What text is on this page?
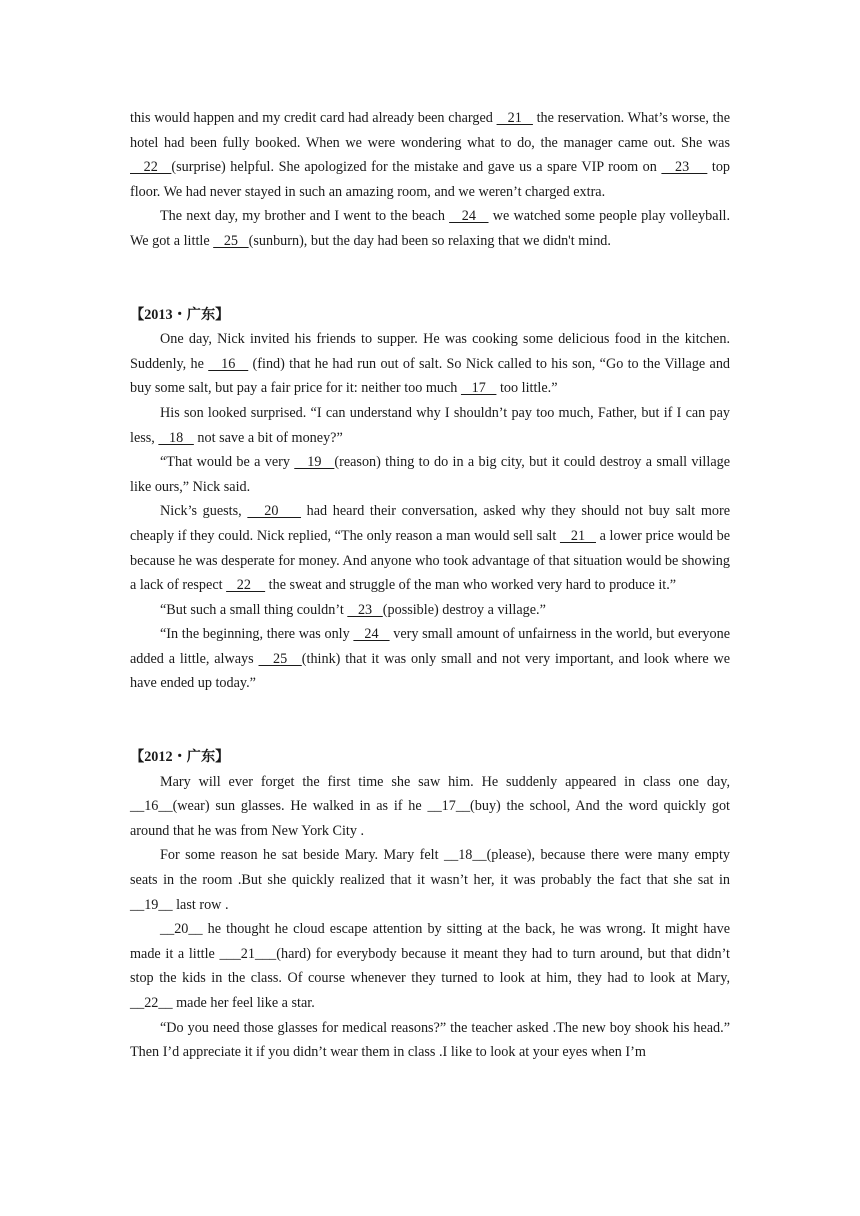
this would happen and my credit card had already been charged    21    the reservation. What’s worse, the hotel had been fully booked. When we were wondering what to do, the manager came out. She was    22   (surprise) helpful. She apologized for the mistake and gave us a spare VIP room on    23     top floor. We had never stayed in such an amazing room, and we weren’t charged extra.

The next day, my brother and I went to the beach    24    we watched some people play volleyball. We got a little    25   (sunburn), but the day had been so relaxing that we didn't mind.

【2013・广东】

One day, Nick invited his friends to supper. He was cooking some delicious food in the kitchen. Suddenly, he    16    (find) that he had run out of salt. So Nick called to his son, “Go to the Village and buy some salt, but pay a fair price for it: neither too much    17    too little.”

His son looked surprised. “I can understand why I shouldn’t pay too much, Father, but if I can pay less,    18    not save a bit of money?”

“That would be a very    19   (reason) thing to do in a big city, but it could destroy a small village like ours,” Nick said.

Nick’s guests,    20     had heard their conversation, asked why they should not buy salt more cheaply if they could. Nick replied, “The only reason a man would sell salt    21    a lower price would be because he was desperate for money. And anyone who took advantage of that situation would be showing a lack of respect    22     the sweat and struggle of the man who worked very hard to produce it.”

“But such a small thing couldn’t    23   (possible) destroy a village.”

“In the beginning, there was only    24    very small amount of unfairness in the world, but everyone added a little, always    25   (think) that it was only small and not very important, and look where we have ended up today.”

【2012・广东】

Mary will ever forget the first time she saw him. He suddenly appeared in class one day, __16__(wear) sun glasses. He walked in as if he __17__(buy) the school, And the word quickly got around that he was from New York City .

For some reason he sat beside Mary. Mary felt __18__(please), because there were many empty seats in the room .But she quickly realized that it wasn’t her, it was probably the fact that she sat in __19__ last row .

__20__ he thought he cloud escape attention by sitting at the back, he was wrong. It might have made it a little ___21___(hard) for everybody because it meant they had to turn around, but that didn’t stop the kids in the class. Of course whenever they turned to look at him, they had to look at Mary, __22__ made her feel like a star.

“Do you need those glasses for medical reasons?” the teacher asked .The new boy shook his head.” Then I’d appreciate it if you didn’t wear them in class .I like to look at your eyes when I’m
